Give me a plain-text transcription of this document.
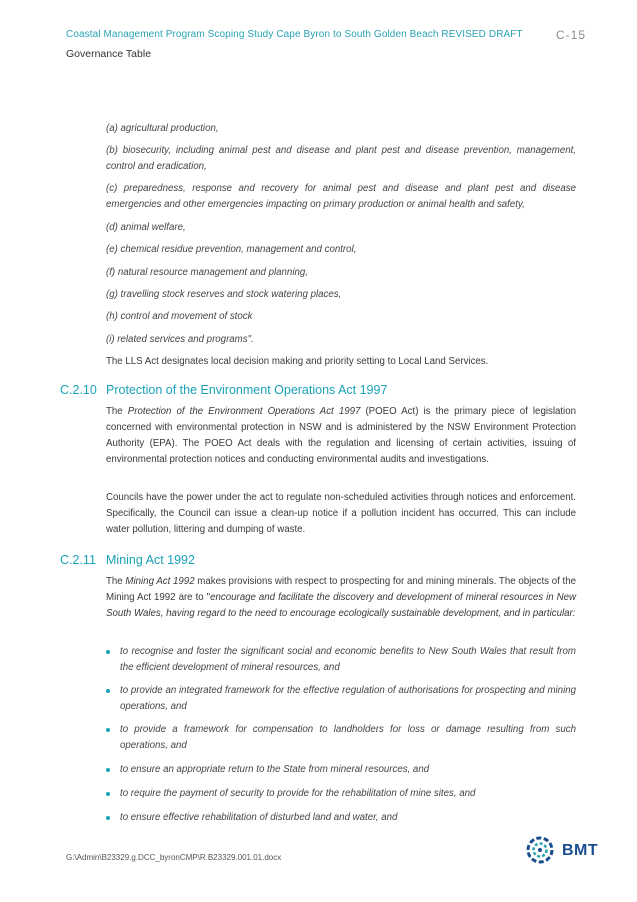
Coastal Management Program Scoping Study Cape Byron to South Golden Beach REVISED DRAFT	C-15
Governance Table
(a) agricultural production,
(b) biosecurity, including animal pest and disease and plant pest and disease prevention, management, control and eradication,
(c) preparedness, response and recovery for animal pest and disease and plant pest and disease emergencies and other emergencies impacting on primary production or animal health and safety,
(d) animal welfare,
(e) chemical residue prevention, management and control,
(f) natural resource management and planning,
(g) travelling stock reserves and stock watering places,
(h) control and movement of stock
(i) related services and programs".
The LLS Act designates local decision making and priority setting to Local Land Services.
C.2.10 Protection of the Environment Operations Act 1997
The Protection of the Environment Operations Act 1997 (POEO Act) is the primary piece of legislation concerned with environmental protection in NSW and is administered by the NSW Environment Protection Authority (EPA). The POEO Act deals with the regulation and licensing of certain activities, issuing of environmental protection notices and conducting environmental audits and investigations.
Councils have the power under the act to regulate non-scheduled activities through notices and enforcement. Specifically, the Council can issue a clean-up notice if a pollution incident has occurred. This can include water pollution, littering and dumping of waste.
C.2.11 Mining Act 1992
The Mining Act 1992 makes provisions with respect to prospecting for and mining minerals. The objects of the Mining Act 1992 are to "encourage and facilitate the discovery and development of mineral resources in New South Wales, having regard to the need to encourage ecologically sustainable development, and in particular:
to recognise and foster the significant social and economic benefits to New South Wales that result from the efficient development of mineral resources, and
to provide an integrated framework for the effective regulation of authorisations for prospecting and mining operations, and
to provide a framework for compensation to landholders for loss or damage resulting from such operations, and
to ensure an appropriate return to the State from mineral resources, and
to require the payment of security to provide for the rehabilitation of mine sites, and
to ensure effective rehabilitation of disturbed land and water, and
G:\Admin\B23329.g.DCC_byronCMP\R.B23329.001.01.docx	BMT
